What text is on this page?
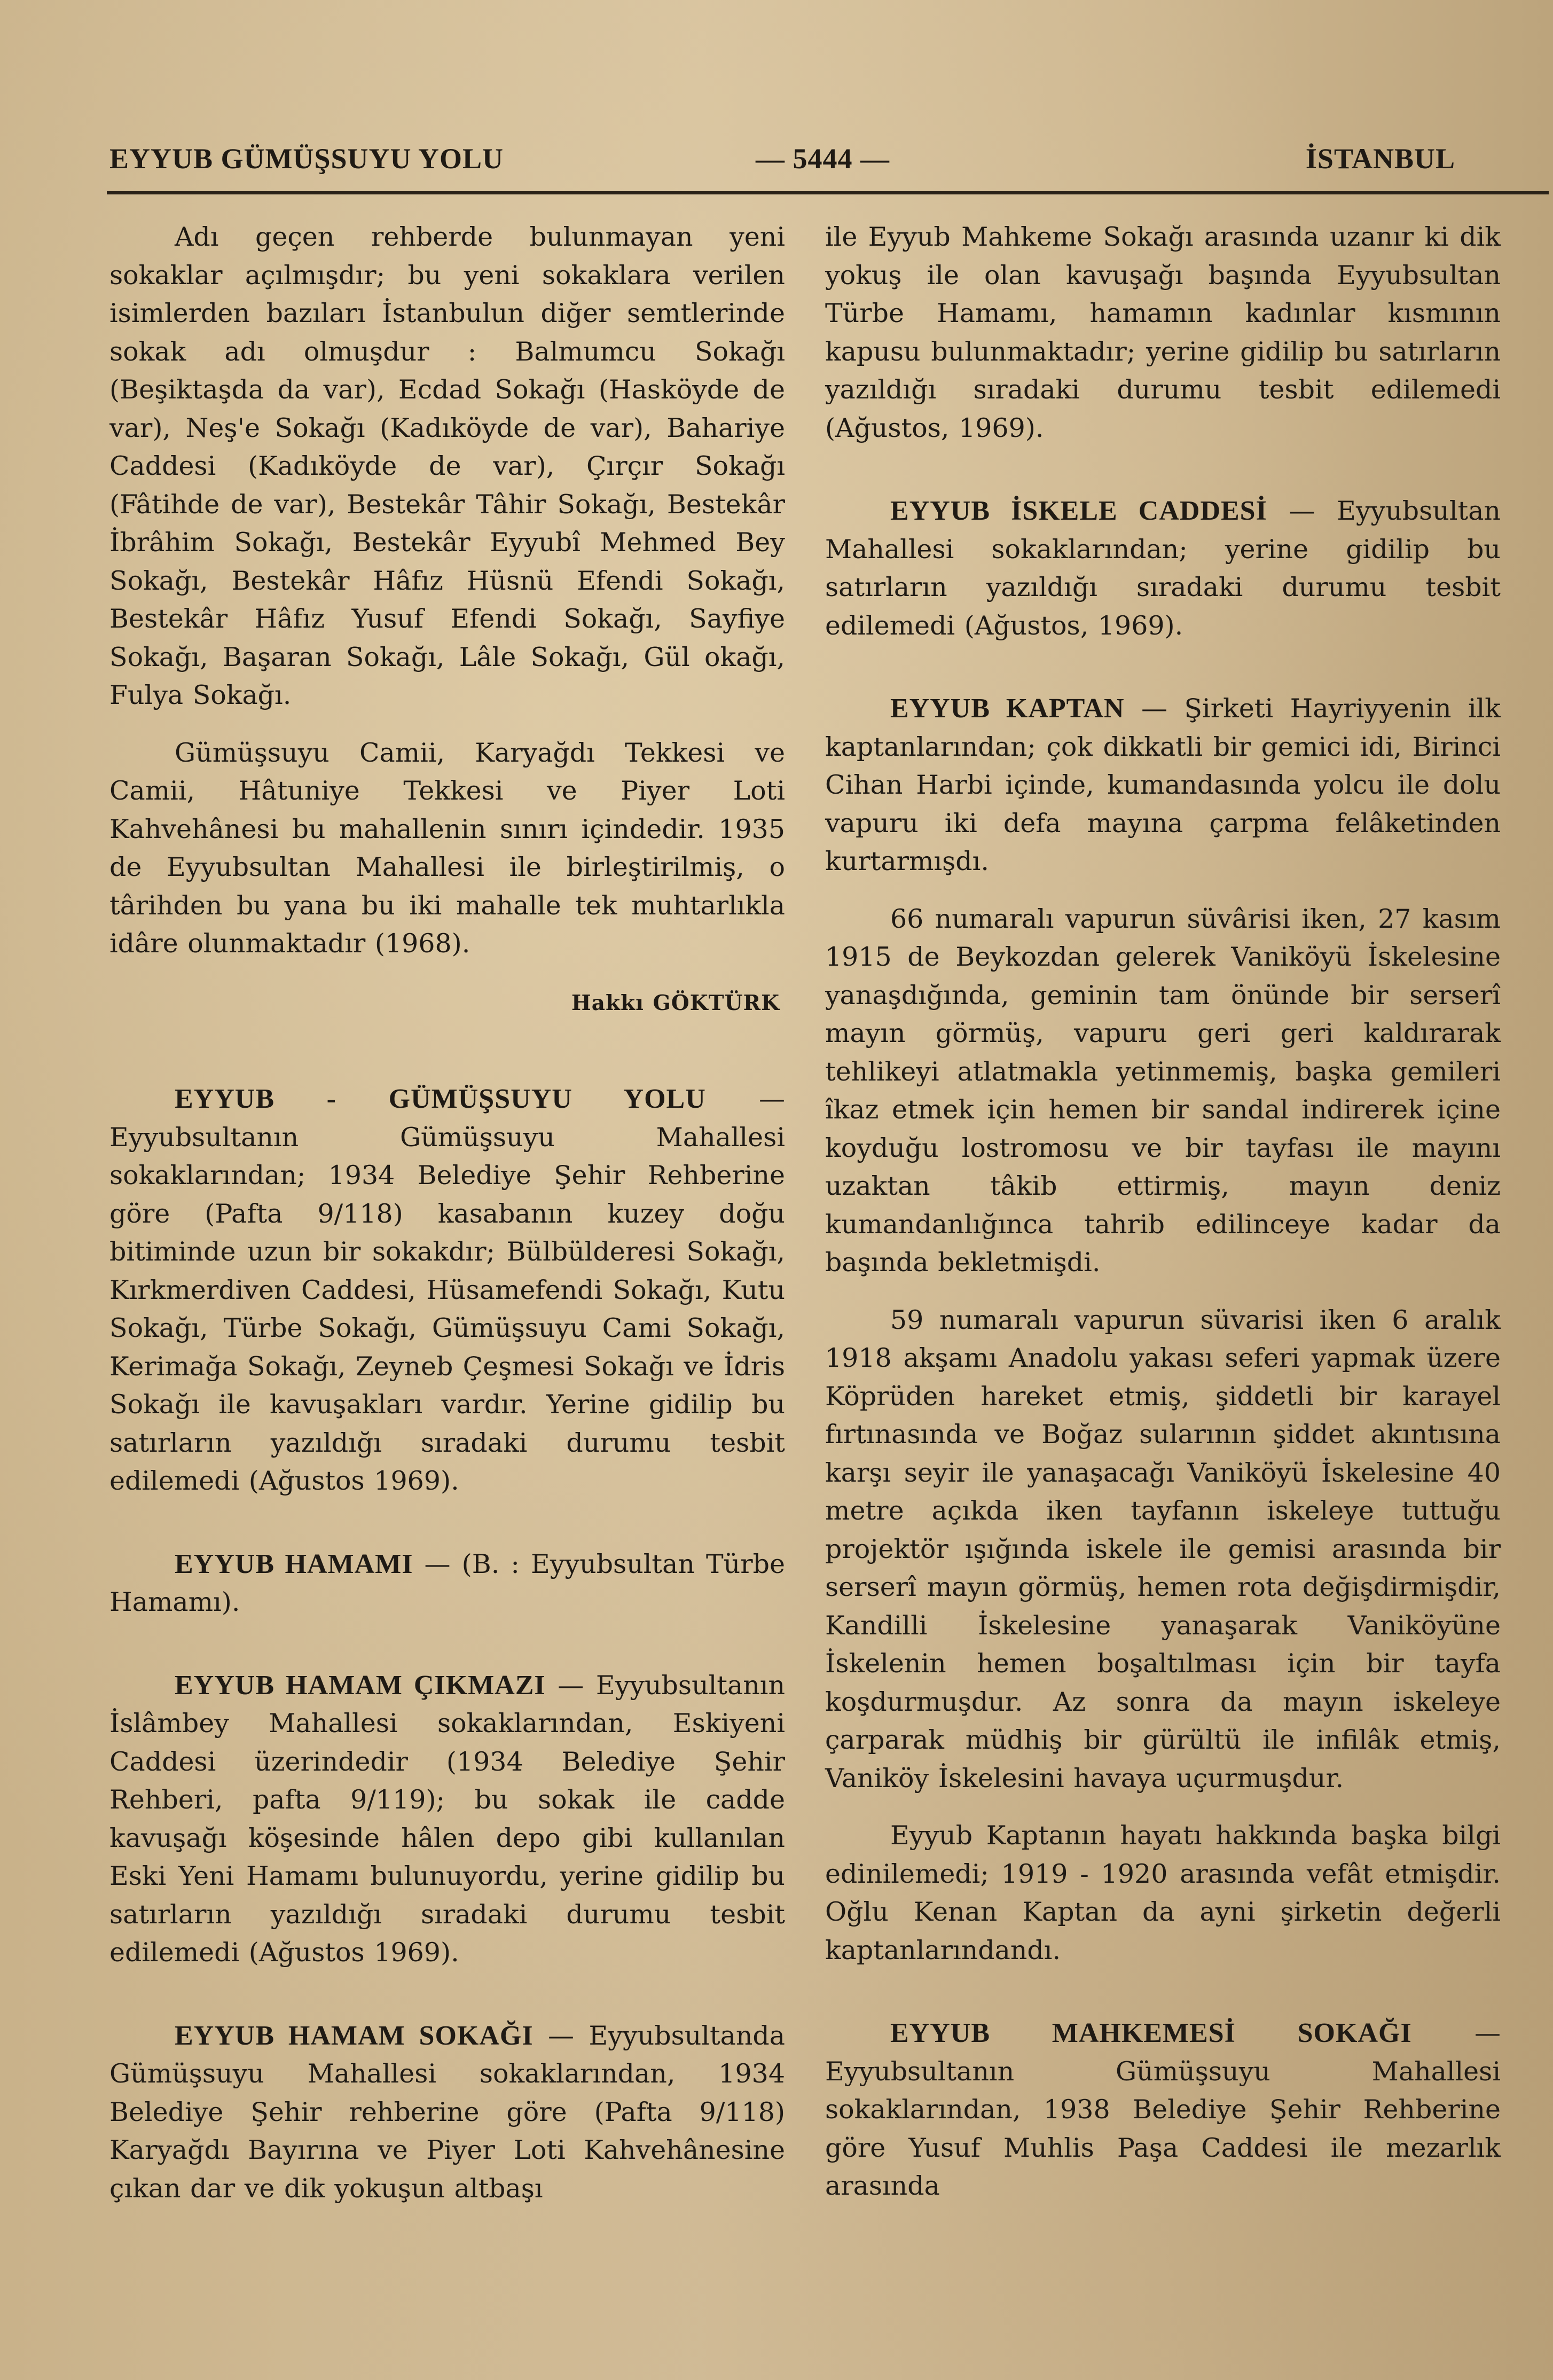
EYYUB GÜMÜŞSUYU YOLU	— 5444 —	İSTANBUL

Adı geçen rehberde bulunmayan yeni sokaklar açılmışdır; bu yeni sokaklara verilen isimlerden bazıları İstanbulun diğer semtlerinde sokak adı olmuşdur : Balmumcu Sokağı (Beşiktaşda da var), Ecdad Sokağı (Hasköyde de var), Neş'e Sokağı (Kadıköyde de var), Bahariye Caddesi (Kadıköyde de var), Çırçır Sokağı (Fâtihde de var), Bestekâr Tâhir Sokağı, Bestekâr İbrâhim Sokağı, Bestekâr Eyyubî Mehmed Bey Sokağı, Bestekâr Hâfız Hüsnü Efendi Sokağı, Bestekâr Hâfız Yusuf Efendi Sokağı, Sayfiye Sokağı, Başaran Sokağı, Lâle Sokağı, Gül okağı, Fulya Sokağı.

Gümüşsuyu Camii, Karyağdı Tekkesi ve Camii, Hâtuniye Tekkesi ve Piyer Loti Kahvehânesi bu mahallenin sınırı içindedir. 1935 de Eyyubsultan Mahallesi ile birleştirilmiş, o târihden bu yana bu iki mahalle tek muhtarlıkla idâre olunmaktadır (1968).

Hakkı GÖKTÜRK

EYYUB - GÜMÜŞSUYU YOLU — Eyyubsultanın Gümüşsuyu Mahallesi sokaklarından; 1934 Belediye Şehir Rehberine göre (Pafta 9/118) kasabanın kuzey doğu bitiminde uzun bir sokakdır; Bülbülderesi Sokağı, Kırkmerdiven Caddesi, Hüsamefendi Sokağı, Kutu Sokağı, Türbe Sokağı, Gümüşsuyu Cami Sokağı, Kerimağa Sokağı, Zeyneb Çeşmesi Sokağı ve İdris Sokağı ile kavuşakları vardır. Yerine gidilip bu satırların yazıldığı sıradaki durumu tesbit edilemedi (Ağustos 1969).

EYYUB HAMAMI — (B. : Eyyubsultan Türbe Hamamı).

EYYUB HAMAM ÇIKMAZI — Eyyubsultanın İslâmbey Mahallesi sokaklarından, Eskiyeni Caddesi üzerindedir (1934 Belediye Şehir Rehberi, pafta 9/119); bu sokak ile cadde kavuşağı köşesinde hâlen depo gibi kullanılan Eski Yeni Hamamı bulunuyordu, yerine gidilip bu satırların yazıldığı sıradaki durumu tesbit edilemedi (Ağustos 1969).

EYYUB HAMAM SOKAĞI — Eyyubsultanda Gümüşsuyu Mahallesi sokaklarından, 1934 Belediye Şehir rehberine göre (Pafta 9/118) Karyağdı Bayırına ve Piyer Loti Kahvehânesine çıkan dar ve dik yokuşun altbaşı

ile Eyyub Mahkeme Sokağı arasında uzanır ki dik yokuş ile olan kavuşağı başında Eyyubsultan Türbe Hamamı, hamamın kadınlar kısmının kapusu bulunmaktadır; yerine gidilip bu satırların yazıldığı sıradaki durumu tesbit edilemedi (Ağustos, 1969).

EYYUB İSKELE CADDESİ — Eyyubsultan Mahallesi sokaklarından; yerine gidilip bu satırların yazıldığı sıradaki durumu tesbit edilemedi (Ağustos, 1969).

EYYUB KAPTAN — Şirketi Hayriyyenin ilk kaptanlarından; çok dikkatli bir gemici idi, Birinci Cihan Harbi içinde, kumandasında yolcu ile dolu vapuru iki defa mayına çarpma felâketinden kurtarmışdı.

66 numaralı vapurun süvârisi iken, 27 kasım 1915 de Beykozdan gelerek Vaniköyü İskelesine yanaşdığında, geminin tam önünde bir serserî mayın görmüş, vapuru geri geri kaldırarak tehlikeyi atlatmakla yetinmemiş, başka gemileri îkaz etmek için hemen bir sandal indirerek içine koyduğu lostromosu ve bir tayfası ile mayını uzaktan tâkib ettirmiş, mayın deniz kumandanlığınca tahrib edilinceye kadar da başında bekletmişdi.

59 numaralı vapurun süvarisi iken 6 aralık 1918 akşamı Anadolu yakası seferi yapmak üzere Köprüden hareket etmiş, şiddetli bir karayel fırtınasında ve Boğaz sularının şiddet akıntısına karşı seyir ile yanaşacağı Vaniköyü İskelesine 40 metre açıkda iken tayfanın iskeleye tuttuğu projektör ışığında iskele ile gemisi arasında bir serserî mayın görmüş, hemen rota değişdirmişdir, Kandilli İskelesine yanaşarak Vaniköyüne İskelenin hemen boşaltılması için bir tayfa koşdurmuşdur. Az sonra da mayın iskeleye çarparak müdhiş bir gürültü ile infilâk etmiş, Vaniköy İskelesini havaya uçurmuşdur.

Eyyub Kaptanın hayatı hakkında başka bilgi edinilemedi; 1919 - 1920 arasında vefât etmişdir. Oğlu Kenan Kaptan da ayni şirketin değerli kaptanlarındandı.

EYYUB MAHKEMESİ SOKAĞI — Eyyubsultanın Gümüşsuyu Mahallesi sokaklarından, 1938 Belediye Şehir Rehberine göre Yusuf Muhlis Paşa Caddesi ile mezarlık arasında
